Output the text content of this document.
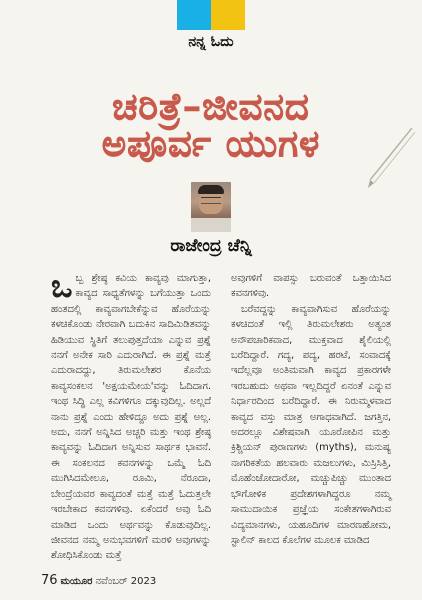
ನನ್ನ ಓದು
ಚರಿತ್ರೆ–ಜೀವನದ
ಅಪೂರ್ವ ಯುಗಳ
ರಾಜೇಂದ್ರ ಚೆನ್ನಿ

ಒಬ್ಬ ಶ್ರೇಷ್ಠ ಕವಿಯ ಕಾವ್ಯವು ಮಾಗುತ್ತಾ, ಕಾವ್ಯದ ಸಾಧ್ಯತೆಗಳನ್ನು ಬಗೆಯುತ್ತಾ ಒಂದು ಹಂತದಲ್ಲಿ ಕಾವ್ಯವಾಗಬೇಕೆನ್ನುವ ಹೊರೆಯನ್ನು ಕಳಚಿಕೊಂಡು ನೇರವಾಗಿ ಬದುಕಿನ ಸಾದಿಮಿಡಿತವನ್ನು ಹಿಡಿಯುವ ಸ್ಥಿತಿಗೆ ತಲುಪುತ್ತದೆಯಾ ಎನ್ನುವ ಪ್ರಶ್ನೆ ನನಗೆ ಅನೇಕ ಸಾರಿ ಎದುರಾಗಿದೆ. ಈ ಪ್ರಶ್ನೆ ಮತ್ತೆ ಎದುರಾದದ್ದು, ತಿರುಮಲೇಶರ ಕೊನೆಯ ಕಾವ್ಯಸಂಕಲನ 'ಅಕ್ಷಯಮೇಯ'ವನ್ನು ಓದಿದಾಗ. ಇಂಥ ಸಿದ್ಧಿ ಎಲ್ಲ ಕವಿಗಳಿಗೂ ದಕ್ಕುವುದಿಲ್ಲ. ಅಲ್ಲದೆ ನಾನು ಪ್ರಶ್ನೆ ಎಂದು ಹೇಳಿದ್ದೂ ಅದು ಪ್ರಶ್ನೆ ಅಲ್ಲ. ಅದು, ನನಗೆ ಅನ್ನಿಸಿದ ಅಚ್ಚರಿ ಮತ್ತು ಇಂಥ ಶ್ರೇಷ್ಠ ಕಾವ್ಯವನ್ನು ಓದಿದಾಗ ಅನ್ನಿಸುವ ಸಾರ್ಥಕ ಭಾವನೆ. ಈ ಸಂಕಲನದ ಕವನಗಳನ್ನು ಒಮ್ಮೆ ಓದಿ ಮುಗಿಸಿದಮೇಲೂ, ರೂಮಿ, ನೆರೂದಾ, ಬೇಂದ್ರೆಯವರ ಕಾವ್ಯದಂತೆ ಮತ್ತೆ ಮತ್ತೆ ಓದುತ್ತಲೇ ಇರಬೇಕಾದ ಕವನಗಳಿವು. ಏಕೆಂದರೆ ಅವು ಓದಿ ಮಾಡಿದ ಒಂದು ಅರ್ಥವನ್ನು ಕೊಡುವುದಿಲ್ಲ. ಜೀವನದ ನಮ್ಮ ಅನುಭವಗಳಿಗೆ ಮರಳಿ ಅವುಗಳನ್ನು ಶೋಧಿಸಿಕೊಂಡು ಮತ್ತೆ

ಅವುಗಳಿಗೆ ವಾಪಸ್ಸು ಬರುವಂತೆ ಒತ್ತಾಯಿಸಿದ ಕವನಗಳಿವು.

ಬರೆವದ್ದನ್ನು ಕಾವ್ಯವಾಗಿಸುವ ಹೊರೆಯನ್ನು ಕಳಚಿದಂತೆ ಇಲ್ಲಿ ತಿರುಮಲೇಶರು ಅತ್ಯಂತ ಅನೌಪಚಾರಿಕವಾದ, ಮುಕ್ತವಾದ ಶೈಲಿಯಲ್ಲಿ ಬರೆದಿದ್ದಾರೆ. ಗದ್ಯ, ಪದ್ಯ, ಹರಟೆ, ಸಂವಾದಕ್ಕೆ ಇದೆಲ್ಲವೂ ಅಂತಿಮವಾಗಿ ಕಾವ್ಯದ ಪ್ರಕಾರಗಳೇ ಇರಬಹುದು ಅಥವಾ ಇಲ್ಲದಿದ್ದರೆ ಏನಂತೆ ಎನ್ನುವ ನಿರ್ಧಾರದಿಂದ ಬರೆದಿದ್ದಾರೆ. ಈ ನಿರುಮ್ಮಳವಾದ ಕಾವ್ಯದ ವಸ್ತು ಮಾತ್ರ ಅಗಾಧವಾಗಿದೆ. ಜಗತ್ತಿನ, ಅದರಲ್ಲೂ ವಿಶೇಷವಾಗಿ ಯೂರೋಪಿನ ಮತ್ತು ಕ್ರಿಶ್ಚಿಯನ್ ಪುರಾಣಗಳು (myths), ಮನುಷ್ಯ ನಾಗರಿಕತೆಯ ಹಲವಾರು ಮಜಲುಗಳು, ಮಿಸ್ರಿಸಿತ್ತಿ, ಮೊಹೆಂಜೋದಾರೋ, ಮಚ್ಚುಪಿಚ್ಚು ಮುಂತಾದ ಭೌಗೋಳಿಕ ಪ್ರದೇಶಗಳಾಗಿದ್ದರೂ ನಮ್ಮ ಸಾಮುದಾಯಿಕ ಪ್ರಜ್ಞೆಯ ಸಂಕೇತಗಳಾಗಿರುವ ವಿದ್ಯಮಾನಗಳು, ಯಹೂದಿಗಳ ಮಾರಣಹೋಮ, ಸ್ಟಾಲಿನ್ ಕಾಲದ ಕೊಲೆಗಳ ಮೂಲಕ ಮಾಡಿದ

76 ಮಯೂರ ನವೆಂಬರ್ 2023
